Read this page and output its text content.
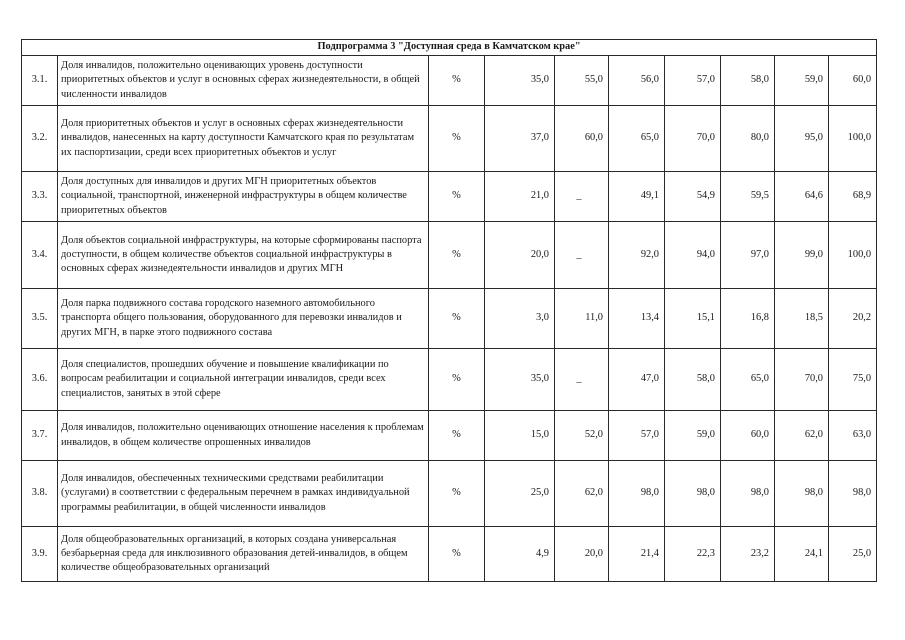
Подпрограмма 3 "Доступная среда в Камчатском крае"									
3.1.	Доля инвалидов, положительно оценивающих уровень доступности приоритетных объектов и услуг в основных сферах жизнедеятельности, в общей численности инвалидов	%	35,0	55,0	56,0	57,0	58,0	59,0	60,0
3.2.	Доля приоритетных объектов и услуг в основных сферах жизнедеятельности инвалидов, нанесенных на карту доступности Камчатского края по результатам их паспортизации, среди всех приоритетных объектов и услуг	%	37,0	60,0	65,0	70,0	80,0	95,0	100,0
3.3.	Доля доступных для инвалидов и других МГН приоритетных объектов социальной, транспортной, инженерной инфраструктуры в общем количестве приоритетных объектов	%	21,0	_	49,1	54,9	59,5	64,6	68,9
3.4.	Доля объектов социальной инфраструктуры, на которые сформированы паспорта доступности, в общем количестве объектов социальной инфраструктуры в основных сферах жизнедеятельности инвалидов и других МГН	%	20,0	_	92,0	94,0	97,0	99,0	100,0
3.5.	Доля парка подвижного состава городского наземного автомобильного транспорта общего пользования, оборудованного для перевозки инвалидов и других МГН, в парке этого подвижного состава	%	3,0	11,0	13,4	15,1	16,8	18,5	20,2
3.6.	Доля специалистов, прошедших обучение и повышение квалификации по вопросам реабилитации и социальной интеграции инвалидов, среди всех специалистов, занятых в этой сфере	%	35,0	_	47,0	58,0	65,0	70,0	75,0
3.7.	Доля инвалидов, положительно оценивающих отношение населения к проблемам инвалидов, в общем количестве опрошенных инвалидов	%	15,0	52,0	57,0	59,0	60,0	62,0	63,0
3.8.	Доля инвалидов, обеспеченных техническими средствами реабилитации (услугами) в соответствии с федеральным перечнем в рамках индивидуальной программы реабилитации, в общей численности инвалидов	%	25,0	62,0	98,0	98,0	98,0	98,0	98,0
3.9.	Доля общеобразовательных организаций, в которых создана универсальная безбарьерная среда для инклюзивного образования детей-инвалидов, в общем количестве общеобразовательных организаций	%	4,9	20,0	21,4	22,3	23,2	24,1	25,0
